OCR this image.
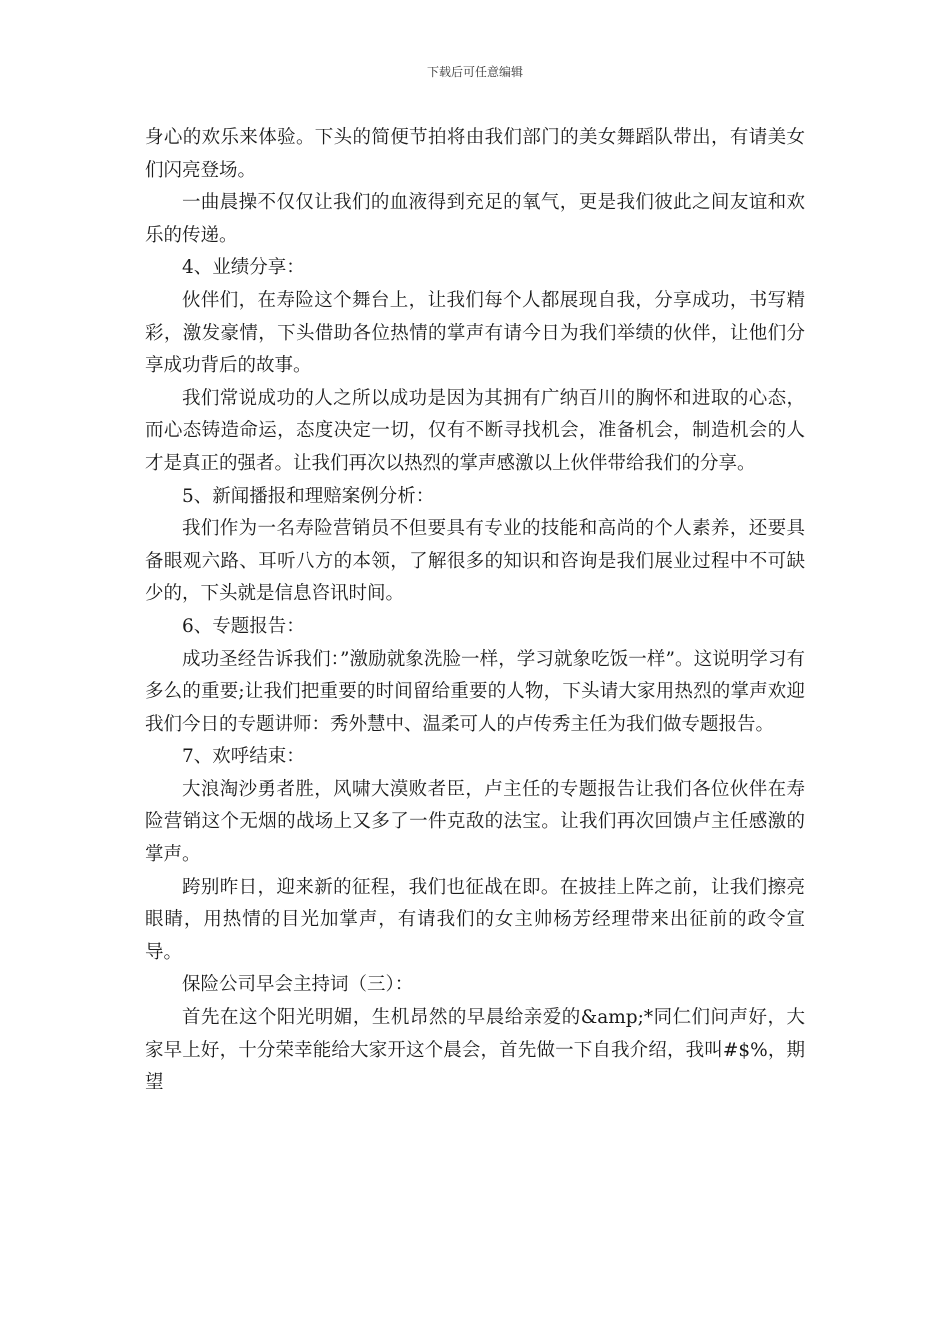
下载后可任意编辑

身心的欢乐来体验。下头的简便节拍将由我们部门的美女舞蹈队带出，有请美女们闪亮登场。

一曲晨操不仅仅让我们的血液得到充足的氧气，更是我们彼此之间友谊和欢乐的传递。

4、业绩分享：

伙伴们，在寿险这个舞台上，让我们每个人都展现自我，分享成功，书写精彩，激发豪情，下头借助各位热情的掌声有请今日为我们举绩的伙伴，让他们分享成功背后的故事。

我们常说成功的人之所以成功是因为其拥有广纳百川的胸怀和进取的心态，而心态铸造命运，态度决定一切，仅有不断寻找机会，准备机会，制造机会的人才是真正的强者。让我们再次以热烈的掌声感激以上伙伴带给我们的分享。

5、新闻播报和理赔案例分析：

我们作为一名寿险营销员不但要具有专业的技能和高尚的个人素养，还要具备眼观六路、耳听八方的本领，了解很多的知识和咨询是我们展业过程中不可缺少的，下头就是信息咨讯时间。

6、专题报告：

成功圣经告诉我们：”激励就象洗脸一样，学习就象吃饭一样”。这说明学习有多么的重要;让我们把重要的时间留给重要的人物，下头请大家用热烈的掌声欢迎我们今日的专题讲师：秀外慧中、温柔可人的卢传秀主任为我们做专题报告。

7、欢呼结束：

大浪淘沙勇者胜，风啸大漠败者臣，卢主任的专题报告让我们各位伙伴在寿险营销这个无烟的战场上又多了一件克敌的法宝。让我们再次回馈卢主任感激的掌声。

跨别昨日，迎来新的征程，我们也征战在即。在披挂上阵之前，让我们擦亮眼睛，用热情的目光加掌声，有请我们的女主帅杨芳经理带来出征前的政令宣导。

保险公司早会主持词（三）：

首先在这个阳光明媚，生机昂然的早晨给亲爱的&amp;*同仁们问声好，大家早上好，十分荣幸能给大家开这个晨会，首先做一下自我介绍，我叫#$%，期望
